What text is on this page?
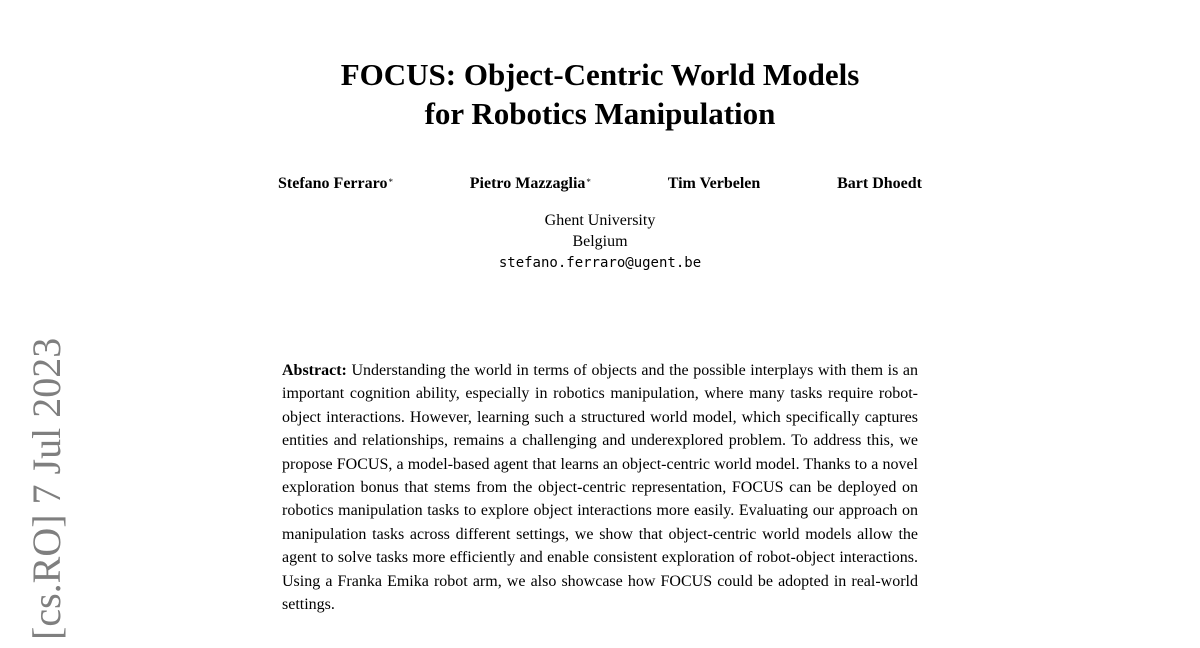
FOCUS: Object-Centric World Models
for Robotics Manipulation
Stefano Ferraro*	Pietro Mazzaglia*	Tim Verbelen	Bart Dhoedt
Ghent University
Belgium
stefano.ferraro@ugent.be

Abstract: Understanding the world in terms of objects and the possible interplays with them is an important cognition ability, especially in robotics manipulation, where many tasks require robot-object interactions. However, learning such a structured world model, which specifically captures entities and relationships, remains a challenging and underexplored problem. To address this, we propose FOCUS, a model-based agent that learns an object-centric world model. Thanks to a novel exploration bonus that stems from the object-centric representation, FOCUS can be deployed on robotics manipulation tasks to explore object interactions more easily. Evaluating our approach on manipulation tasks across different settings, we show that object-centric world models allow the agent to solve tasks more efficiently and enable consistent exploration of robot-object interactions. Using a Franka Emika robot arm, we also showcase how FOCUS could be adopted in real-world settings.

[cs.RO] 7 Jul 2023
